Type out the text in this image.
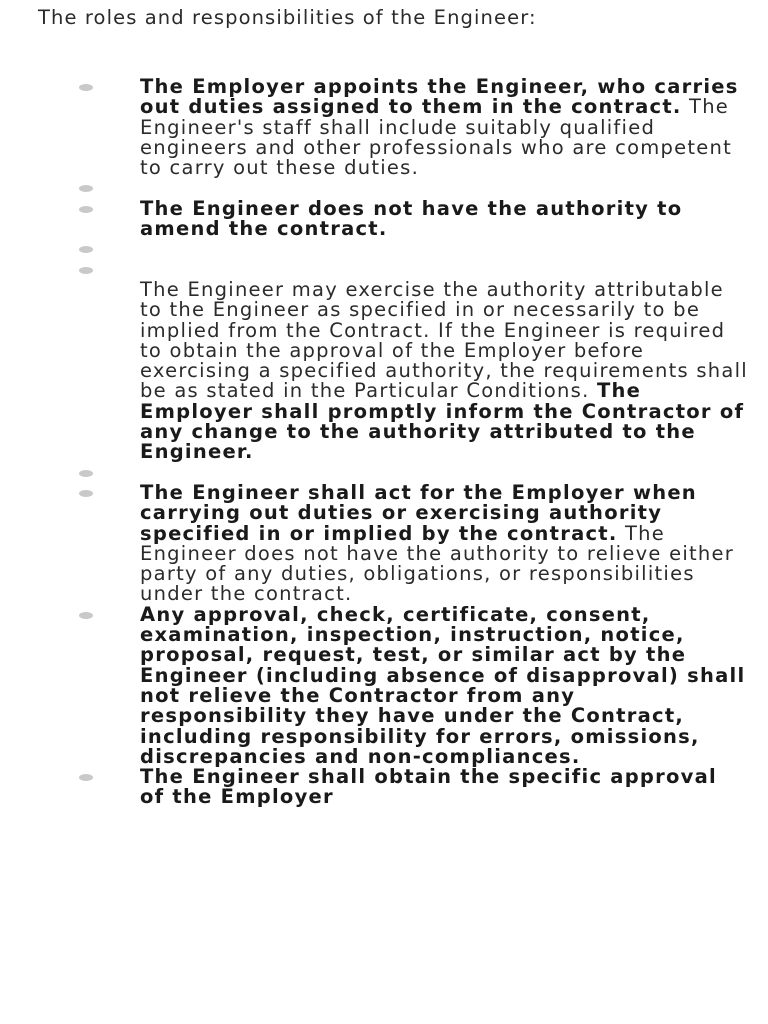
The roles and responsibilities of the Engineer:
The Employer appoints the Engineer, who carries out duties assigned to them in the contract. The Engineer's staff shall include suitably qualified engineers and other professionals who are competent to carry out these duties.
The Engineer does not have the authority to amend the contract.
The Engineer may exercise the authority attributable to the Engineer as specified in or necessarily to be implied from the Contract. If the Engineer is required to obtain the approval of the Employer before exercising a specified authority, the requirements shall be as stated in the Particular Conditions. The Employer shall promptly inform the Contractor of any change to the authority attributed to the Engineer.
The Engineer shall act for the Employer when carrying out duties or exercising authority specified in or implied by the contract. The Engineer does not have the authority to relieve either party of any duties, obligations, or responsibilities under the contract.
Any approval, check, certificate, consent, examination, inspection, instruction, notice, proposal, request, test, or similar act by the Engineer (including absence of disapproval) shall not relieve the Contractor from any responsibility they have under the Contract, including responsibility for errors, omissions, discrepancies and non-compliances.
The Engineer shall obtain the specific approval of the Employer
